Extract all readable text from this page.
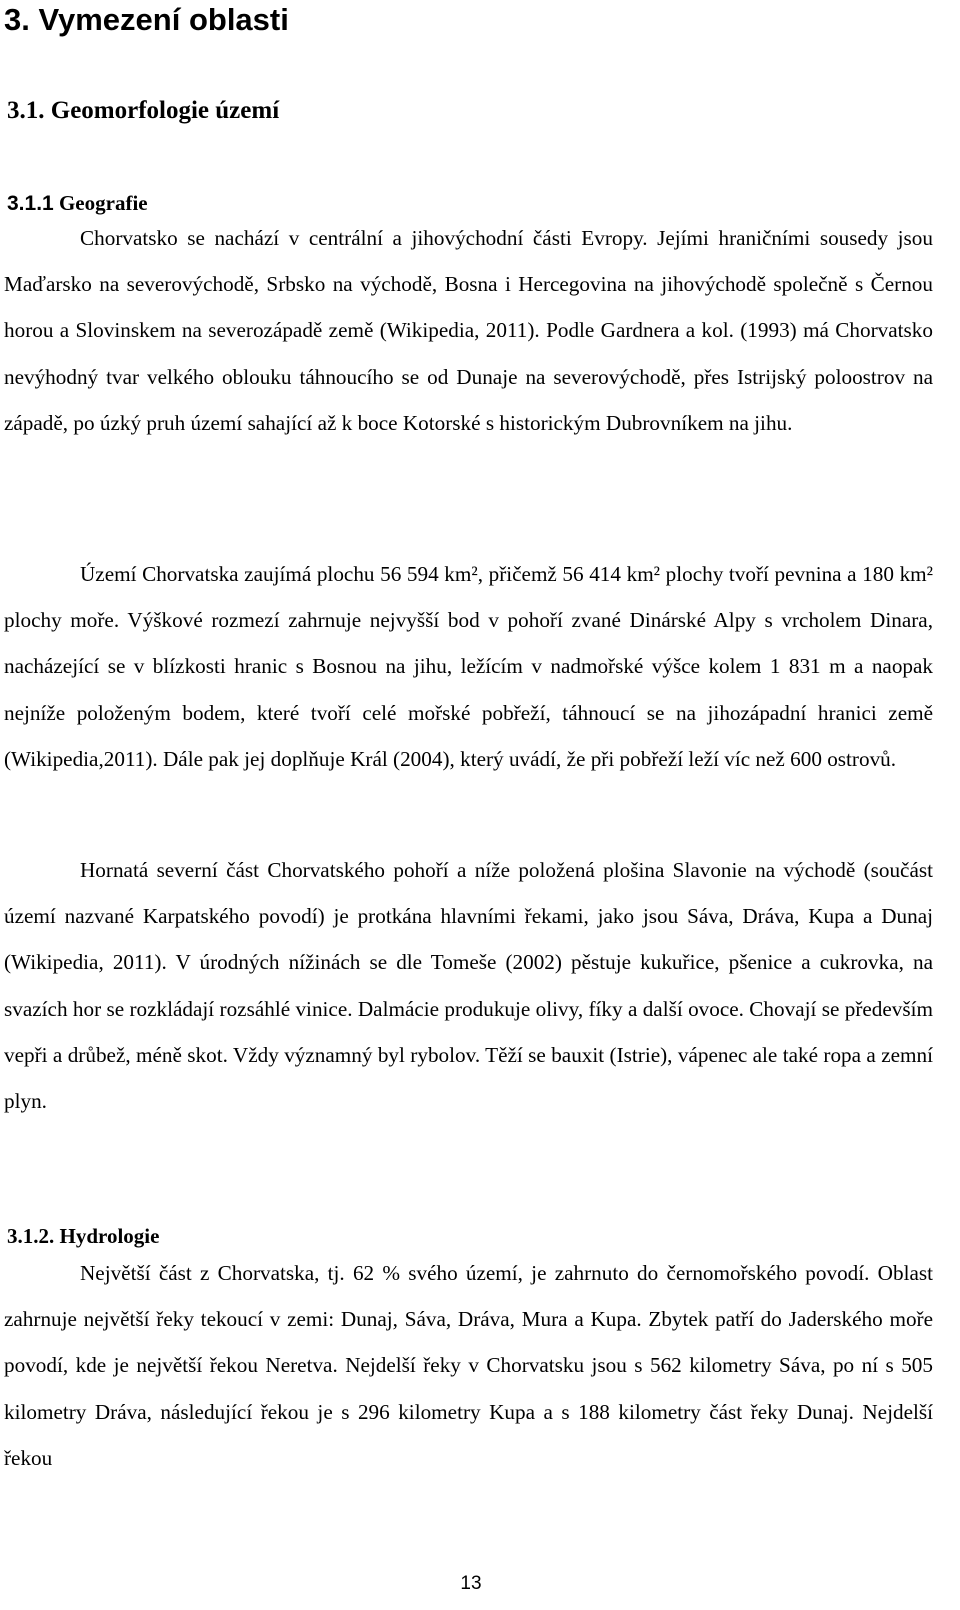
3. Vymezení oblasti
3.1. Geomorfologie území
3.1.1 Geografie

Chorvatsko se nachází v centrální a jihovýchodní části Evropy. Jejími hraničními sousedy jsou Maďarsko na severovýchodě, Srbsko na východě, Bosna i Hercegovina na jihovýchodě společně s Černou horou a Slovinskem na severozápadě země (Wikipedia, 2011). Podle Gardnera a kol. (1993) má Chorvatsko nevýhodný tvar velkého oblouku táhnoucího se od Dunaje na severovýchodě, přes Istrijský poloostrov na západě, po úzký pruh území sahající až k boce Kotorské s historickým Dubrovníkem na jihu.

Území Chorvatska zaujímá plochu 56 594 km², přičemž 56 414 km² plochy tvoří pevnina a 180 km² plochy moře. Výškové rozmezí zahrnuje nejvyšší bod v pohoří zvané Dinárské Alpy s vrcholem Dinara, nacházející se v blízkosti hranic s Bosnou na jihu, ležícím v nadmořské výšce kolem 1 831 m a naopak nejníže položeným bodem, které tvoří celé mořské pobřeží, táhnoucí se na jihozápadní hranici země (Wikipedia,2011). Dále pak jej doplňuje Král (2004), který uvádí, že při pobřeží leží víc než 600 ostrovů.

Hornatá severní část Chorvatského pohoří a níže položená plošina Slavonie na východě (součást území nazvané Karpatského povodí) je protkána hlavními řekami, jako jsou Sáva, Dráva, Kupa a Dunaj (Wikipedia, 2011). V úrodných nížinách se dle Tomeše (2002) pěstuje kukuřice, pšenice a cukrovka, na svazích hor se rozkládají rozsáhlé vinice. Dalmácie produkuje olivy, fíky a další ovoce. Chovají se především vepři a drůbež, méně skot. Vždy významný byl rybolov. Těží se bauxit (Istrie), vápenec ale také ropa a zemní plyn.

3.1.2. Hydrologie

Největší část z Chorvatska, tj. 62 % svého území, je zahrnuto do černomořského povodí. Oblast zahrnuje největší řeky tekoucí v zemi: Dunaj, Sáva, Dráva, Mura a Kupa. Zbytek patří do Jaderského moře povodí, kde je největší řekou Neretva. Nejdelší řeky v Chorvatsku jsou s 562 kilometry Sáva, po ní s 505 kilometry Dráva, následující řekou je s 296 kilometry Kupa a s 188 kilometry část řeky Dunaj. Nejdelší řekou

13
